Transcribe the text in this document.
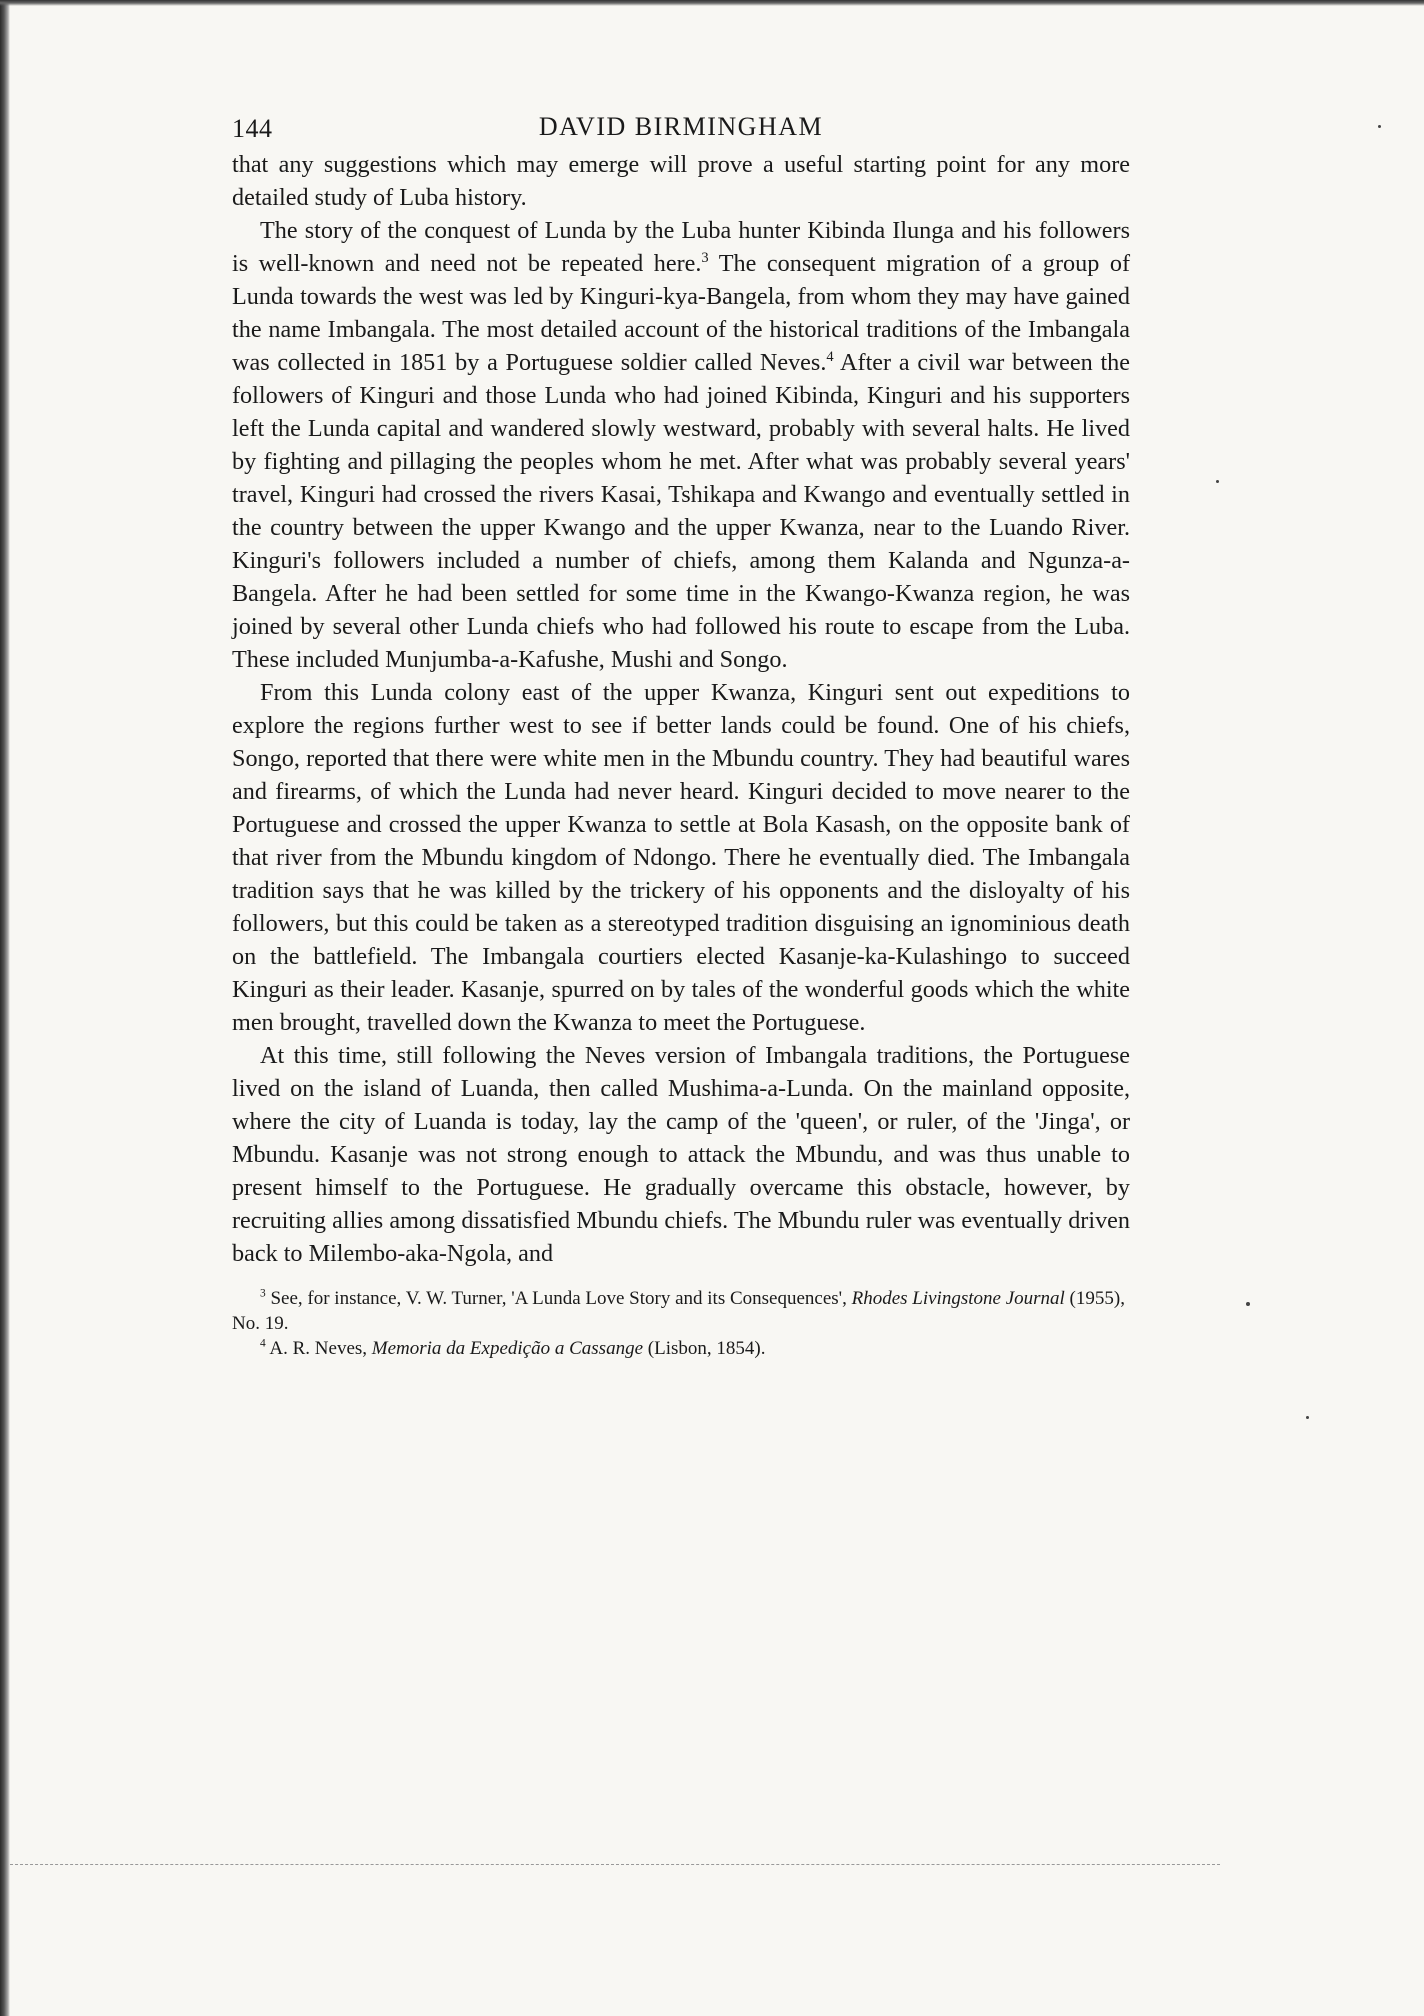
144	DAVID BIRMINGHAM

that any suggestions which may emerge will prove a useful starting point for any more detailed study of Luba history.

The story of the conquest of Lunda by the Luba hunter Kibinda Ilunga and his followers is well-known and need not be repeated here.$^3$ The consequent migration of a group of Lunda towards the west was led by Kinguri-kya-Bangela, from whom they may have gained the name Imbangala. The most detailed account of the historical traditions of the Imbangala was collected in 1851 by a Portuguese soldier called Neves.$^4$ After a civil war between the followers of Kinguri and those Lunda who had joined Kibinda, Kinguri and his supporters left the Lunda capital and wandered slowly westward, probably with several halts. He lived by fighting and pillaging the peoples whom he met. After what was probably several years' travel, Kinguri had crossed the rivers Kasai, Tshikapa and Kwango and eventually settled in the country between the upper Kwango and the upper Kwanza, near to the Luando River. Kinguri's followers included a number of chiefs, among them Kalanda and Ngunza-a-Bangela. After he had been settled for some time in the Kwango-Kwanza region, he was joined by several other Lunda chiefs who had followed his route to escape from the Luba. These included Munjumba-a-Kafushe, Mushi and Songo.

From this Lunda colony east of the upper Kwanza, Kinguri sent out expeditions to explore the regions further west to see if better lands could be found. One of his chiefs, Songo, reported that there were white men in the Mbundu country. They had beautiful wares and firearms, of which the Lunda had never heard. Kinguri decided to move nearer to the Portuguese and crossed the upper Kwanza to settle at Bola Kasash, on the opposite bank of that river from the Mbundu kingdom of Ndongo. There he eventually died. The Imbangala tradition says that he was killed by the trickery of his opponents and the disloyalty of his followers, but this could be taken as a stereotyped tradition disguising an ignominious death on the battlefield. The Imbangala courtiers elected Kasanje-ka-Kulashingo to succeed Kinguri as their leader. Kasanje, spurred on by tales of the wonderful goods which the white men brought, travelled down the Kwanza to meet the Portuguese.

At this time, still following the Neves version of Imbangala traditions, the Portuguese lived on the island of Luanda, then called Mushima-a-Lunda. On the mainland opposite, where the city of Luanda is today, lay the camp of the 'queen', or ruler, of the 'Jinga', or Mbundu. Kasanje was not strong enough to attack the Mbundu, and was thus unable to present himself to the Portuguese. He gradually overcame this obstacle, however, by recruiting allies among dissatisfied Mbundu chiefs. The Mbundu ruler was eventually driven back to Milembo-aka-Ngola, and

$^3$ See, for instance, V. W. Turner, 'A Lunda Love Story and its Consequences', Rhodes Livingstone Journal (1955), No. 19.

$^4$ A. R. Neves, Memoria da Expedição a Cassange (Lisbon, 1854).
